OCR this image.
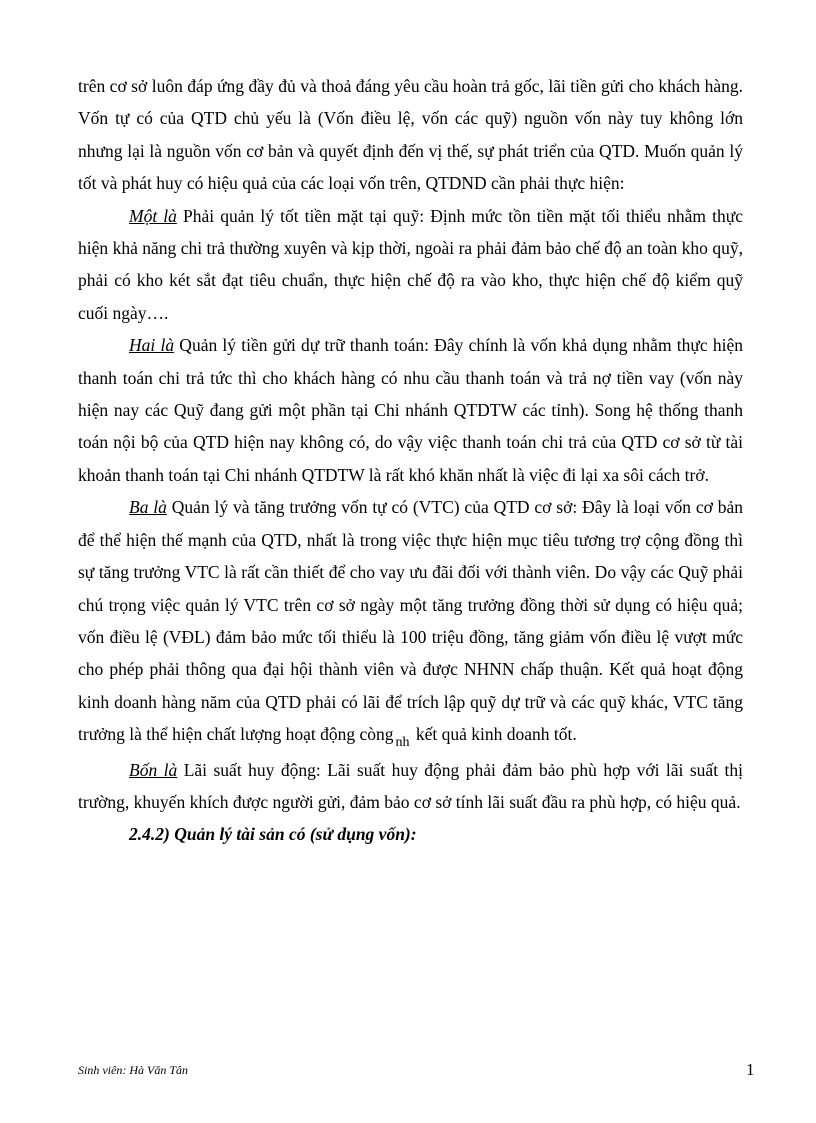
trên cơ sở luôn đáp ứng đầy đủ và thoả đáng yêu cầu hoàn trả gốc, lãi tiền gửi cho khách hàng. Vốn tự có của QTD chủ yếu là (Vốn điều lệ, vốn các quỹ) nguồn vốn này tuy không lớn nhưng lại là nguồn vốn cơ bản và quyết định đến vị thế, sự phát triển của QTD. Muốn quản lý tốt và phát huy có hiệu quả của các loại vốn trên, QTDND cần phải thực hiện:

Một là Phải quản lý tốt tiền mặt tại quỹ: Định mức tồn tiền mặt tối thiểu nhằm thực hiện khả năng chi trả thường xuyên và kịp thời, ngoài ra phải đảm bảo chế độ an toàn kho quỹ, phải có kho két sắt đạt tiêu chuẩn, thực hiện chế độ ra vào kho, thực hiện chế độ kiểm quỹ cuối ngày….

Hai là Quản lý tiền gửi dự trữ thanh toán: Đây chính là vốn khả dụng nhằm thực hiện thanh toán chi trả tức thì cho khách hàng có nhu cầu thanh toán và trả nợ tiền vay (vốn này hiện nay các Quỹ đang gửi một phần tại Chi nhánh QTDTW các tỉnh). Song hệ thống thanh toán nội bộ của QTD hiện nay không có, do vậy việc thanh toán chi trả của QTD cơ sở từ tài khoản thanh toán tại Chi nhánh QTDTW là rất khó khăn nhất là việc đi lại xa sôi cách trở.

Ba là Quản lý và tăng trưởng vốn tự có (VTC) của QTD cơ sở: Đây là loại vốn cơ bản để thể hiện thế mạnh của QTD, nhất là trong việc thực hiện mục tiêu tương trợ cộng đồng thì sự tăng trưởng VTC là rất cần thiết để cho vay ưu đãi đối với thành viên. Do vậy các Quỹ phải chú trọng việc quản lý VTC trên cơ sở ngày một tăng trưởng đồng thời sử dụng có hiệu quả; vốn điều lệ (VĐL) đảm bảo mức tối thiểu là 100 triệu đồng, tăng giảm vốn điều lệ vượt mức cho phép phải thông qua đại hội thành viên và được NHNN chấp thuận. Kết quả hoạt động kinh doanh hàng năm của QTD phải có lãi để trích lập quỹ dự trữ và các quỹ khác, VTC tăng trưởng là thể hiện chất lượng hoạt động còng $_{nh}$ kết quả kinh doanh tốt.

Bốn là Lãi suất huy động: Lãi suất huy động phải đảm bảo phù hợp với lãi suất thị trường, khuyến khích được người gửi, đảm bảo cơ sở tính lãi suất đầu ra phù hợp, có hiệu quả.

2.4.2) Quản lý tài sản có (sử dụng vốn):

Sinh viên: Hà Văn Tân	1
